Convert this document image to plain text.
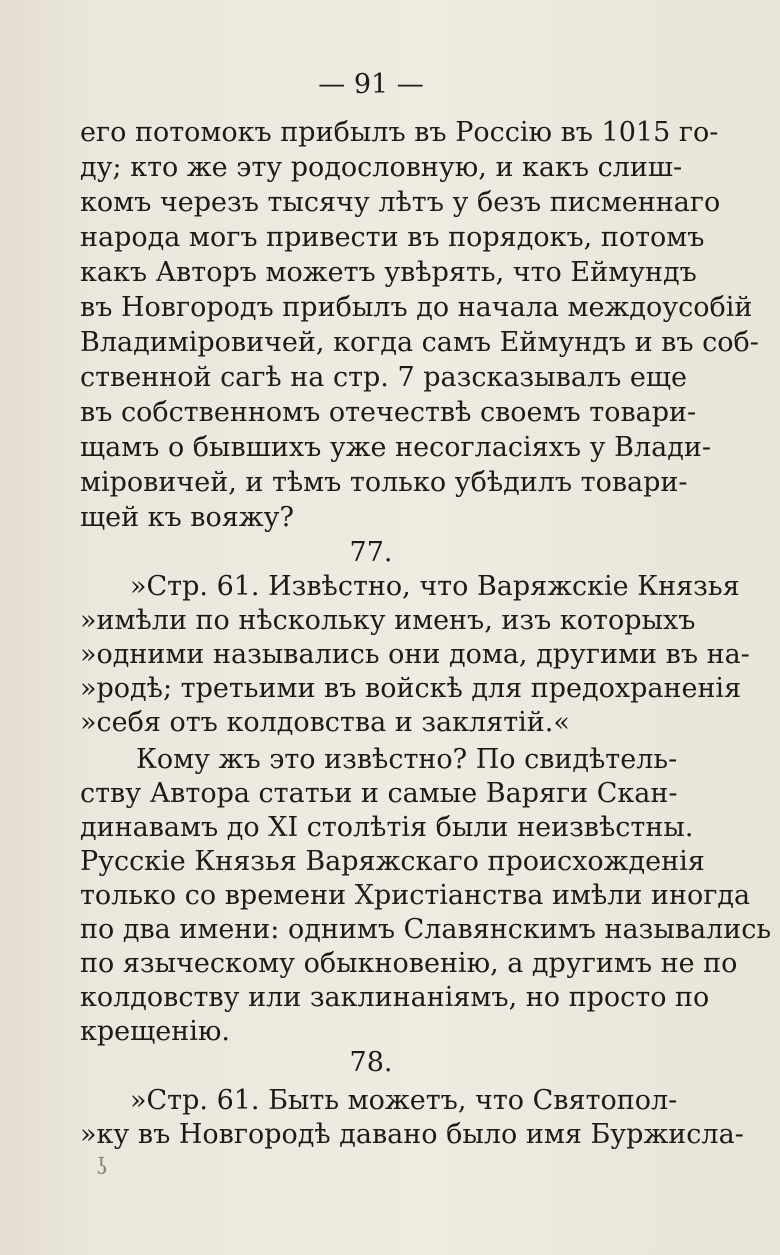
— 91 —
его потомокъ прибылъ въ Россію въ 1015 го-
ду; кто же эту родословную, и какъ слиш-
комъ черезъ тысячу лѣтъ у безъ писменнаго
народа могъ привести въ порядокъ, потомъ
какъ Авторъ можетъ увѣрять, что Еймундъ
въ Новгородъ прибылъ до начала междоусобій
Владиміровичей, когда самъ Еймундъ и въ соб-
ственной сагѣ на стр. 7 разсказывалъ еще
въ собственномъ отечествѣ своемъ товари-
щамъ о бывшихъ уже несогласіяхъ у Влади-
міровичей, и тѣмъ только убѣдилъ товари-
щей къ вояжу?
77.
»Стр. 61. Извѣстно, что Варяжскіе Князья
»имѣли по нѣскольку именъ, изъ которыхъ
»одними назывались они дома, другими въ на-
»родѣ; третьими въ войскѣ для предохраненія
»себя отъ колдовства и заклятій.«
Кому жъ это извѣстно? По свидѣтель-
ству Автора статьи и самые Варяги Скан-
динавамъ до XI столѣтія были неизвѣстны.
Русскіе Князья Варяжскаго происхожденія
только со времени Христіанства имѣли иногда
по два имени: однимъ Славянскимъ назывались
по языческому обыкновенію, а другимъ не по
колдовству или заклинаніямъ, но просто по
крещенію.
78.
»Стр. 61. Быть можетъ, что Святопол-
»ку въ Новгородѣ давано было имя Буржисла-
ʖ
